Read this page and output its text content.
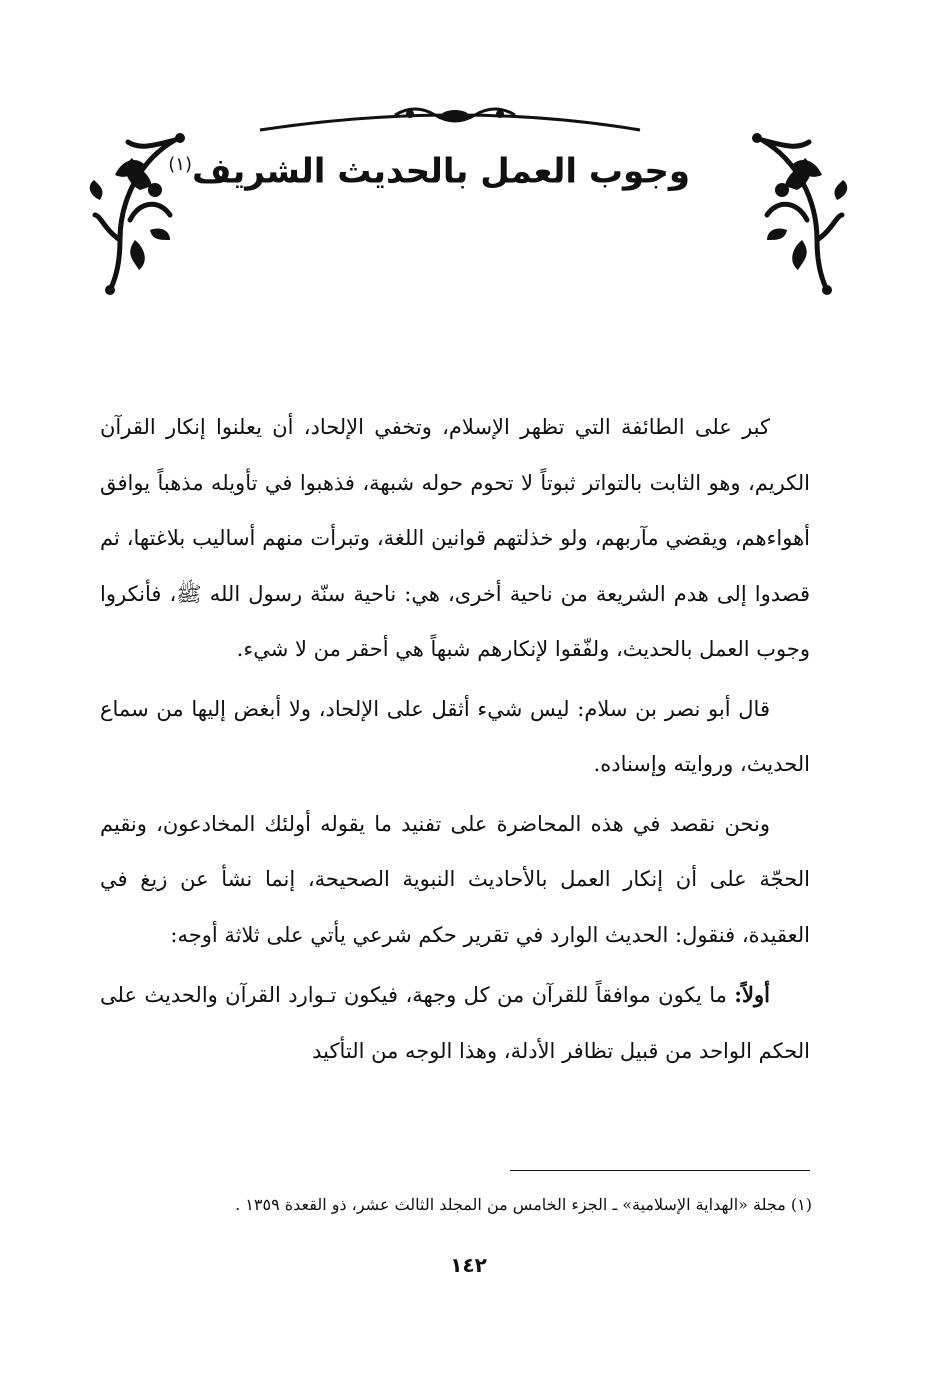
وجوب العمل بالحديث الشريف$^{(١)}$

كبر على الطائفة التي تظهر الإسلام، وتخفي الإلحاد، أن يعلنوا إنكار القرآن الكريم، وهو الثابت بالتواتر ثبوتاً لا تحوم حوله شبهة، فذهبوا في تأويله مذهباً يوافق أهواءهم، ويقضي مآربهم، ولو خذلتهم قوانين اللغة، وتبرأت منهم أساليب بلاغتها، ثم قصدوا إلى هدم الشريعة من ناحية أخرى، هي: ناحية سنّة رسول الله ﷺ، فأنكروا وجوب العمل بالحديث، ولفّقوا لإنكارهم شبهاً هي أحقر من لا شيء.

قال أبو نصر بن سلام: ليس شيء أثقل على الإلحاد، ولا أبغض إليها من سماع الحديث، وروايته وإسناده.

ونحن نقصد في هذه المحاضرة على تفنيد ما يقوله أولئك المخادعون، ونقيم الحجّة على أن إنكار العمل بالأحاديث النبوية الصحيحة، إنما نشأ عن زيغ في العقيدة، فنقول: الحديث الوارد في تقرير حكم شرعي يأتي على ثلاثة أوجه:

أولاً: ما يكون موافقاً للقرآن من كل وجهة، فيكون تـوارد القرآن والحديث على الحكم الواحد من قبيل تظافر الأدلة، وهذا الوجه من التأكيد

(١) مجلة «الهداية الإسلامية» ـ الجزء الخامس من المجلد الثالث عشر، ذو القعدة ١٣٥٩ .
١٤٢
